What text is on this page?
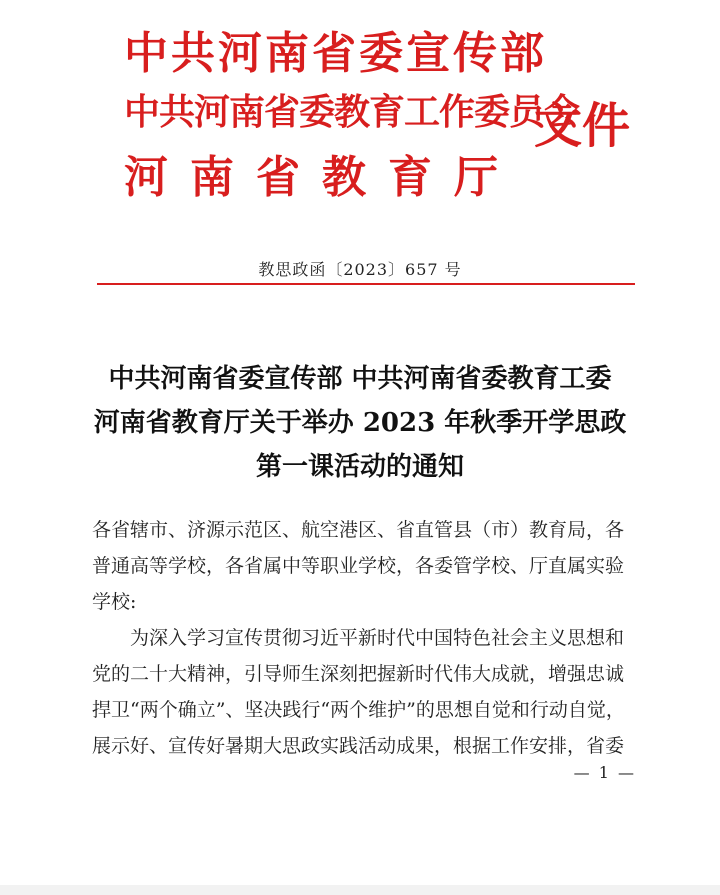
中共河南省委宣传部
中共河南省委教育工作委员会
河南省教育厅
文件
教思政函〔2023〕657 号
中共河南省委宣传部 中共河南省委教育工委
河南省教育厅关于举办 2023 年秋季开学思政
第一课活动的通知
各省辖市、济源示范区、航空港区、省直管县（市）教育局，各
普通高等学校，各省属中等职业学校，各委管学校、厅直属实验
学校:
为深入学习宣传贯彻习近平新时代中国特色社会主义思想和
党的二十大精神，引导师生深刻把握新时代伟大成就，增强忠诚
捍卫“两个确立”、坚决践行“两个维护”的思想自觉和行动自觉，
展示好、宣传好暑期大思政实践活动成果，根据工作安排，省委
— 1 —
